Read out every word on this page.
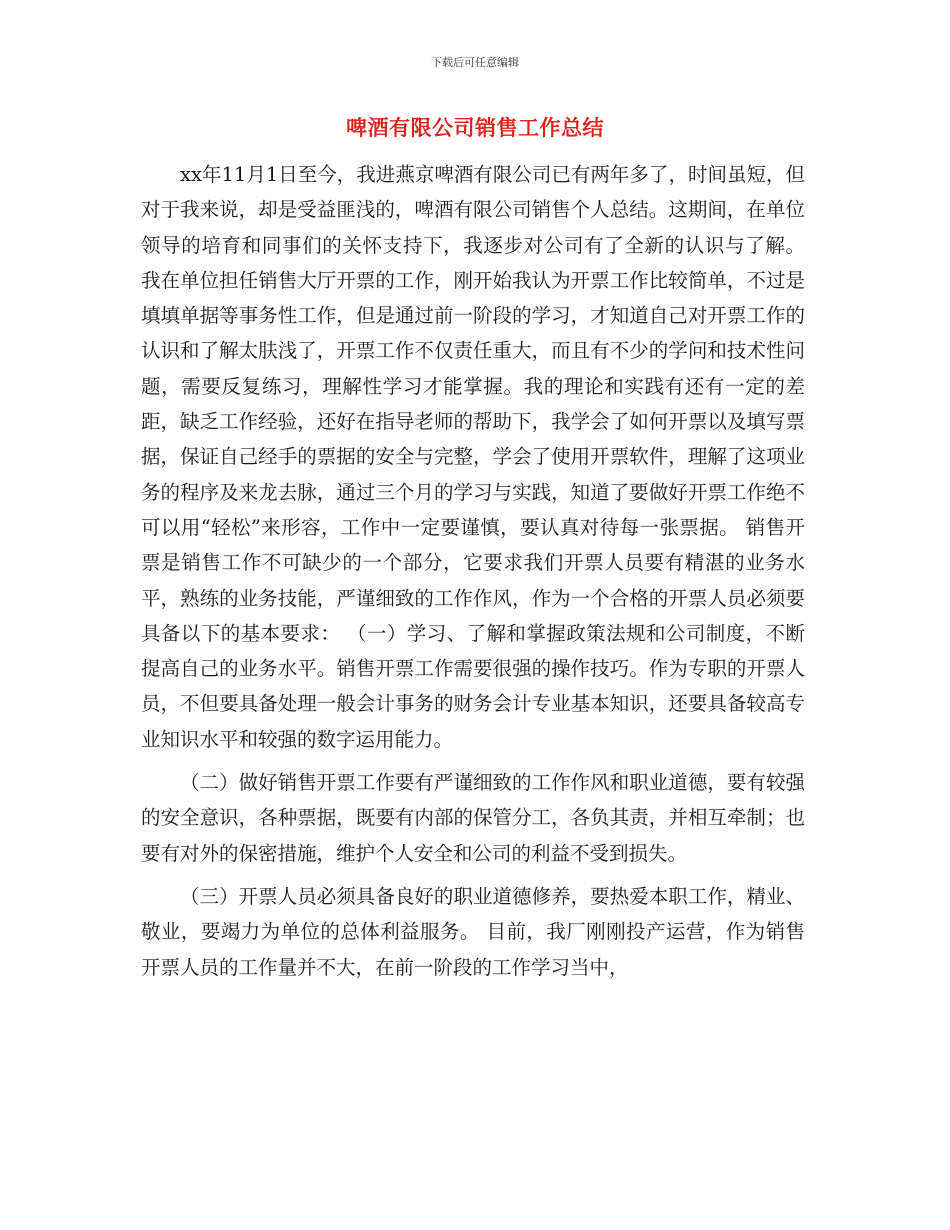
下载后可任意编辑
啤酒有限公司销售工作总结

xx年11月1日至今，我进燕京啤酒有限公司已有两年多了，时间虽短，但对于我来说，却是受益匪浅的，啤酒有限公司销售个人总结。这期间，在单位领导的培育和同事们的关怀支持下，我逐步对公司有了全新的认识与了解。 我在单位担任销售大厅开票的工作，刚开始我认为开票工作比较简单，不过是填填单据等事务性工作，但是通过前一阶段的学习，才知道自己对开票工作的认识和了解太肤浅了，开票工作不仅责任重大，而且有不少的学问和技术性问题，需要反复练习，理解性学习才能掌握。我的理论和实践有还有一定的差距，缺乏工作经验，还好在指导老师的帮助下，我学会了如何开票以及填写票据，保证自己经手的票据的安全与完整，学会了使用开票软件，理解了这项业务的程序及来龙去脉，通过三个月的学习与实践，知道了要做好开票工作绝不可以用“轻松”来形容，工作中一定要谨慎，要认真对待每一张票据。 销售开票是销售工作不可缺少的一个部分，它要求我们开票人员要有精湛的业务水平，熟练的业务技能，严谨细致的工作作风，作为一个合格的开票人员必须要具备以下的基本要求： （一）学习、了解和掌握政策法规和公司制度，不断提高自己的业务水平。销售开票工作需要很强的操作技巧。作为专职的开票人员，不但要具备处理一般会计事务的财务会计专业基本知识，还要具备较高专业知识水平和较强的数字运用能力。

（二）做好销售开票工作要有严谨细致的工作作风和职业道德，要有较强的安全意识，各种票据，既要有内部的保管分工，各负其责，并相互牵制；也要有对外的保密措施，维护个人安全和公司的利益不受到损失。

（三）开票人员必须具备良好的职业道德修养，要热爱本职工作，精业、敬业，要竭力为单位的总体利益服务。 目前，我厂刚刚投产运营，作为销售开票人员的工作量并不大，在前一阶段的工作学习当中，
